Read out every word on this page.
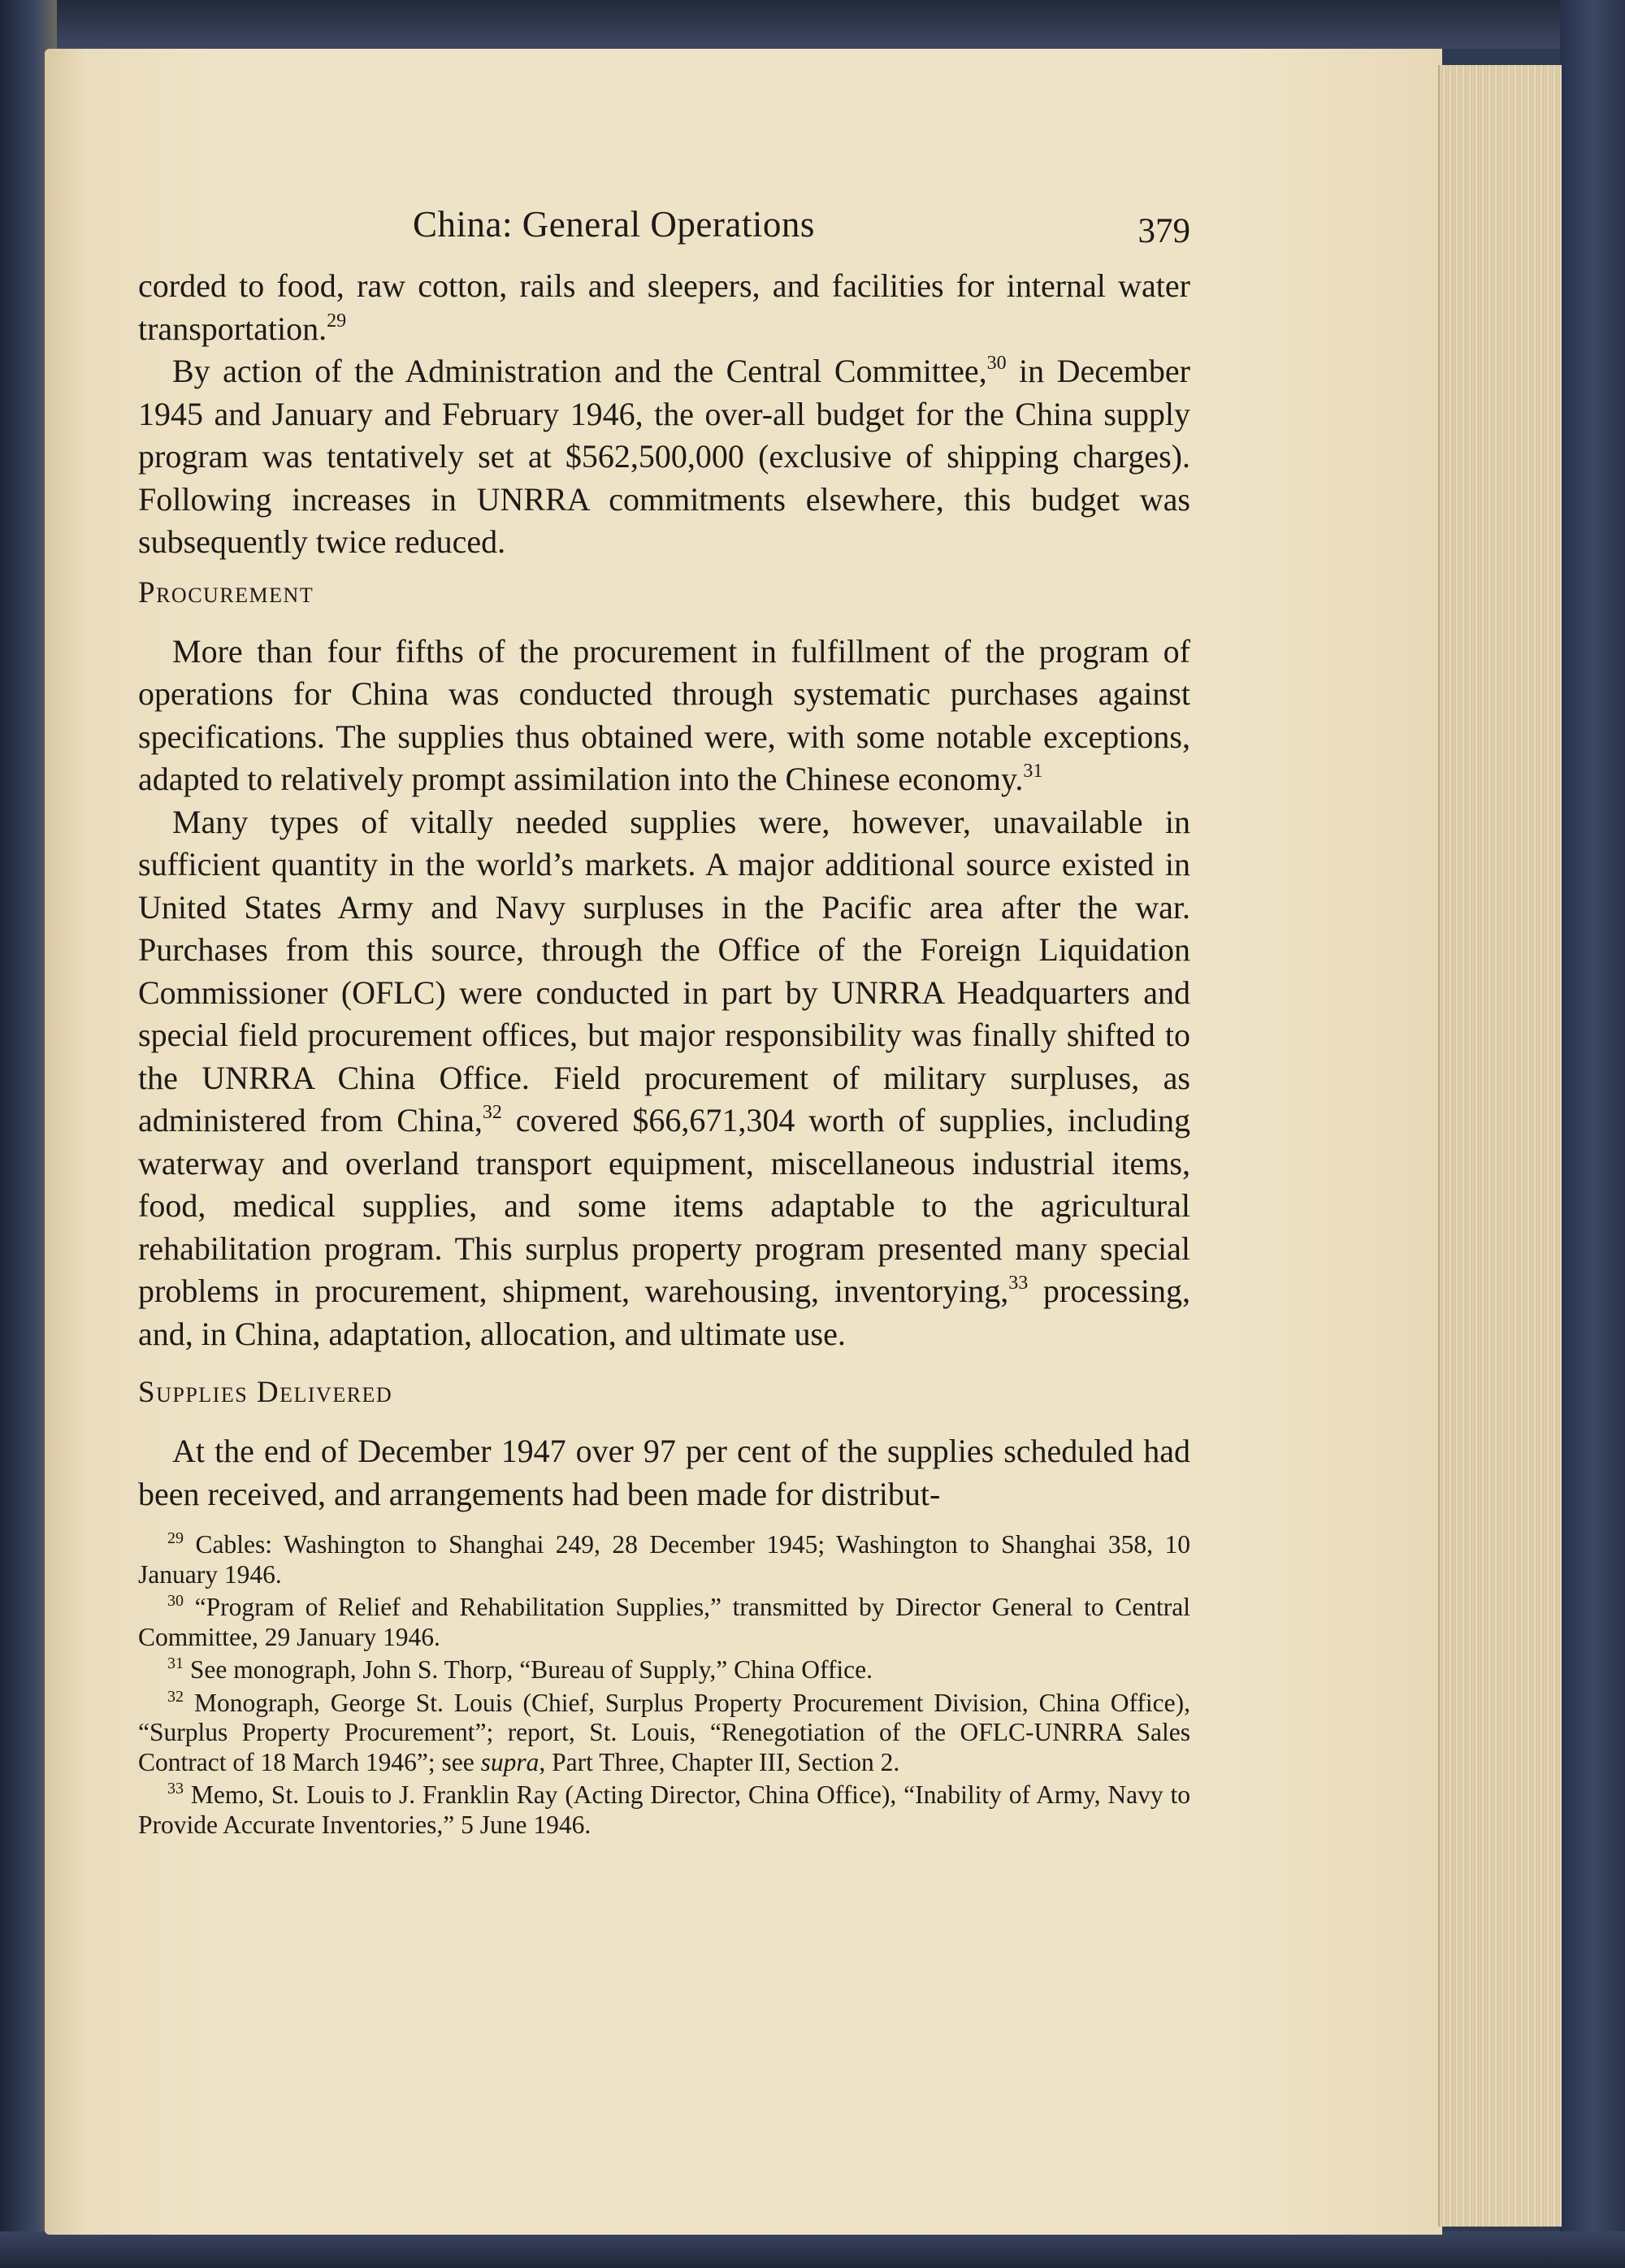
China: General Operations	379

corded to food, raw cotton, rails and sleepers, and facilities for internal water transportation.$^{29}$

By action of the Administration and the Central Committee,$^{30}$ in December 1945 and January and February 1946, the over-all budget for the China supply program was tentatively set at $562,500,000 (exclusive of shipping charges). Following increases in UNRRA commitments elsewhere, this budget was subsequently twice reduced.

Procurement

More than four fifths of the procurement in fulfillment of the program of operations for China was conducted through systematic purchases against specifications. The supplies thus obtained were, with some notable exceptions, adapted to relatively prompt assimilation into the Chinese economy.$^{31}$

Many types of vitally needed supplies were, however, unavailable in sufficient quantity in the world’s markets. A major additional source existed in United States Army and Navy surpluses in the Pacific area after the war. Purchases from this source, through the Office of the Foreign Liquidation Commissioner (OFLC) were conducted in part by UNRRA Headquarters and special field procurement offices, but major responsibility was finally shifted to the UNRRA China Office. Field procurement of military surpluses, as administered from China,$^{32}$ covered $66,671,304 worth of supplies, including waterway and overland transport equipment, miscellaneous industrial items, food, medical supplies, and some items adaptable to the agricultural rehabilitation program. This surplus property program presented many special problems in procurement, shipment, warehousing, inventorying,$^{33}$ processing, and, in China, adaptation, allocation, and ultimate use.

Supplies Delivered

At the end of December 1947 over 97 per cent of the supplies scheduled had been received, and arrangements had been made for distribut-

$^{29}$ Cables: Washington to Shanghai 249, 28 December 1945; Washington to Shanghai 358, 10 January 1946.

$^{30}$ “Program of Relief and Rehabilitation Supplies,” transmitted by Director General to Central Committee, 29 January 1946.

$^{31}$ See monograph, John S. Thorp, “Bureau of Supply,” China Office.

$^{32}$ Monograph, George St. Louis (Chief, Surplus Property Procurement Division, China Office), “Surplus Property Procurement”; report, St. Louis, “Renegotiation of the OFLC-UNRRA Sales Contract of 18 March 1946”; see supra, Part Three, Chapter III, Section 2.

$^{33}$ Memo, St. Louis to J. Franklin Ray (Acting Director, China Office), “Inability of Army, Navy to Provide Accurate Inventories,” 5 June 1946.
